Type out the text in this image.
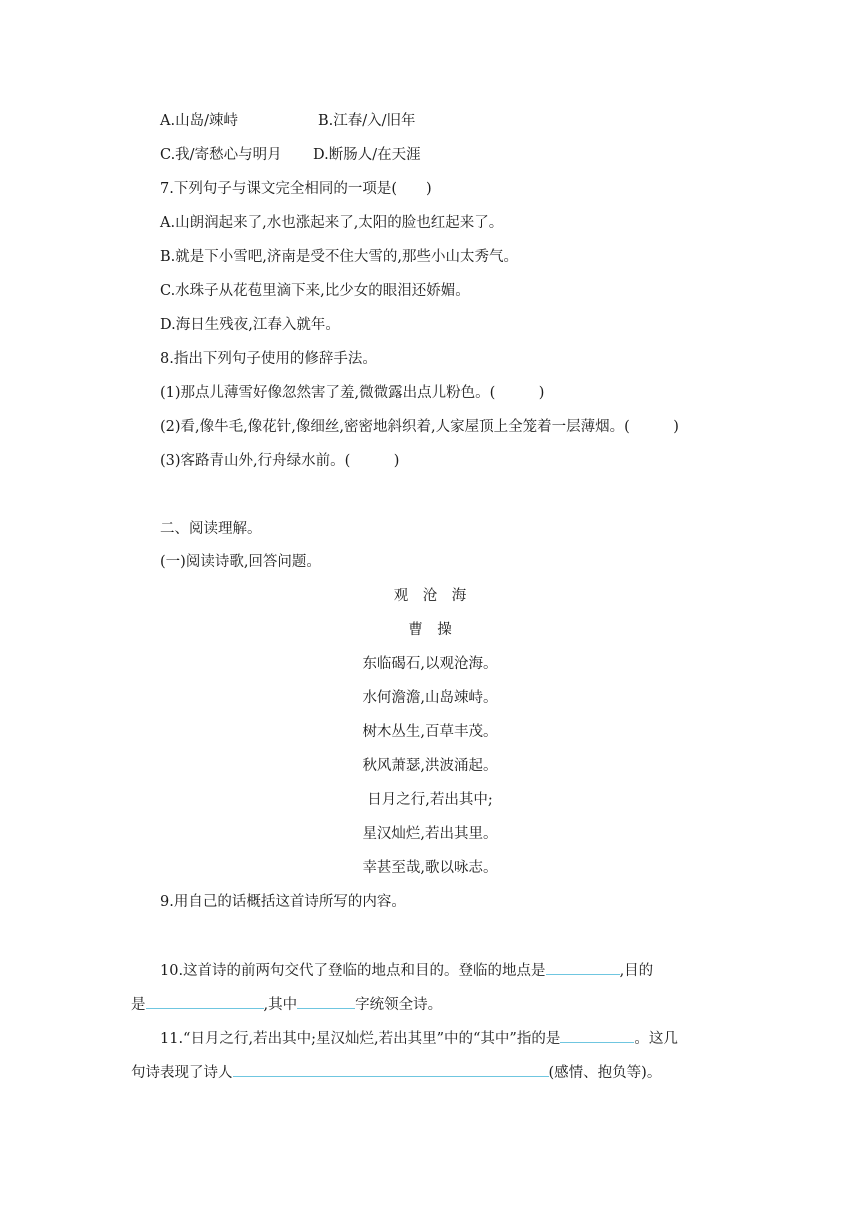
A.山岛/竦峙	B.江春/入/旧年
C.我/寄愁心与明月 D.断肠人/在天涯
7.下列句子与课文完全相同的一项是(　　)
A.山朗润起来了,水也涨起来了,太阳的脸也红起来了。
B.就是下小雪吧,济南是受不住大雪的,那些小山太秀气。
C.水珠子从花苞里滴下来,比少女的眼泪还娇媚。
D.海日生残夜,江春入就年。
8.指出下列句子使用的修辞手法。
(1)那点儿薄雪好像忽然害了羞,微微露出点儿粉色。(　　　)
(2)看,像牛毛,像花针,像细丝,密密地斜织着,人家屋顶上全笼着一层薄烟。(　　　)
(3)客路青山外,行舟绿水前。(　　　)
二、阅读理解。
(一)阅读诗歌,回答问题。
观　沧　海
曹　操
东临碣石,以观沧海。
水何澹澹,山岛竦峙。
树木丛生,百草丰茂。
秋风萧瑟,洪波涌起。
日月之行,若出其中;
星汉灿烂,若出其里。
幸甚至哉,歌以咏志。
9.用自己的话概括这首诗所写的内容。
10.这首诗的前两句交代了登临的地点和目的。登临的地点是	,目的
是	,其中	字统领全诗。
11.“日月之行,若出其中;星汉灿烂,若出其里”中的“其中”指的是	。这几
句诗表现了诗人	(感情、抱负等)。
